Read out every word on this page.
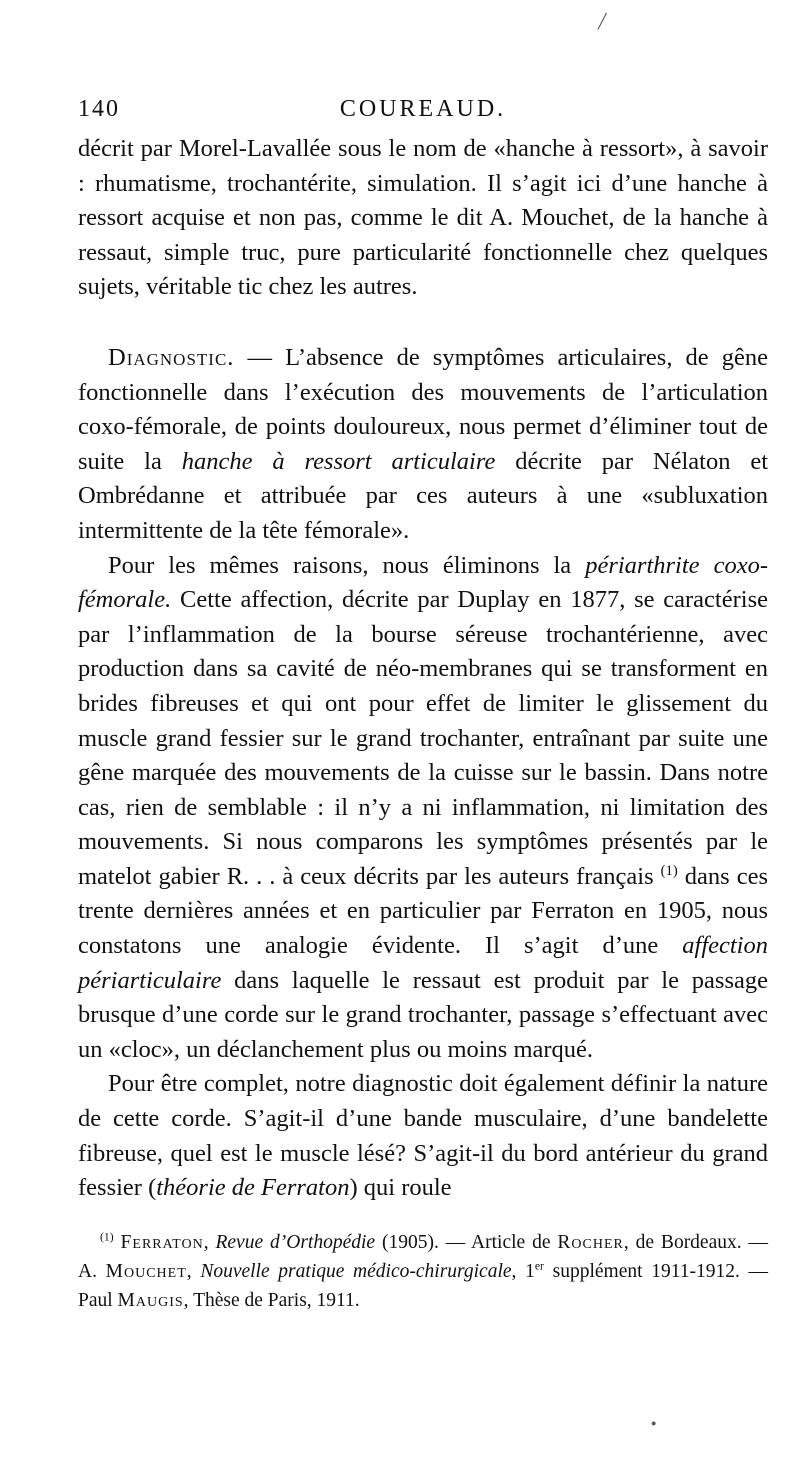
140	COUREAUD.

décrit par Morel-Lavallée sous le nom de «hanche à ressort», à savoir : rhumatisme, trochantérite, simulation. Il s’agit ici d’une hanche à ressort acquise et non pas, comme le dit A. Mouchet, de la hanche à ressaut, simple truc, pure particularité fonctionnelle chez quelques sujets, véritable tic chez les autres.

Diagnostic. — L’absence de symptômes articulaires, de gêne fonctionnelle dans l’exécution des mouvements de l’articulation coxo-fémorale, de points douloureux, nous permet d’éliminer tout de suite la hanche à ressort articulaire décrite par Nélaton et Ombrédanne et attribuée par ces auteurs à une «subluxation intermittente de la tête fémorale».

Pour les mêmes raisons, nous éliminons la périarthrite coxo-fémorale. Cette affection, décrite par Duplay en 1877, se caractérise par l’inflammation de la bourse séreuse trochantérienne, avec production dans sa cavité de néo-membranes qui se transforment en brides fibreuses et qui ont pour effet de limiter le glissement du muscle grand fessier sur le grand trochanter, entraînant par suite une gêne marquée des mouvements de la cuisse sur le bassin. Dans notre cas, rien de semblable : il n’y a ni inflammation, ni limitation des mouvements. Si nous comparons les symptômes présentés par le matelot gabier R. . . à ceux décrits par les auteurs français $^{(1)}$ dans ces trente dernières années et en particulier par Ferraton en 1905, nous constatons une analogie évidente. Il s’agit d’une affection périarticulaire dans laquelle le ressaut est produit par le passage brusque d’une corde sur le grand trochanter, passage s’effectuant avec un «cloc», un déclanchement plus ou moins marqué.

Pour être complet, notre diagnostic doit également définir la nature de cette corde. S’agit-il d’une bande musculaire, d’une bandelette fibreuse, quel est le muscle lésé? S’agit-il du bord antérieur du grand fessier (théorie de Ferraton) qui roule

$^{(1)}$ Ferraton, Revue d’Orthopédie (1905). — Article de Rocher, de Bordeaux. — A. Mouchet, Nouvelle pratique médico-chirurgicale, 1er supplément 1911-1912. — Paul Maugis, Thèse de Paris, 1911.

╱
●
